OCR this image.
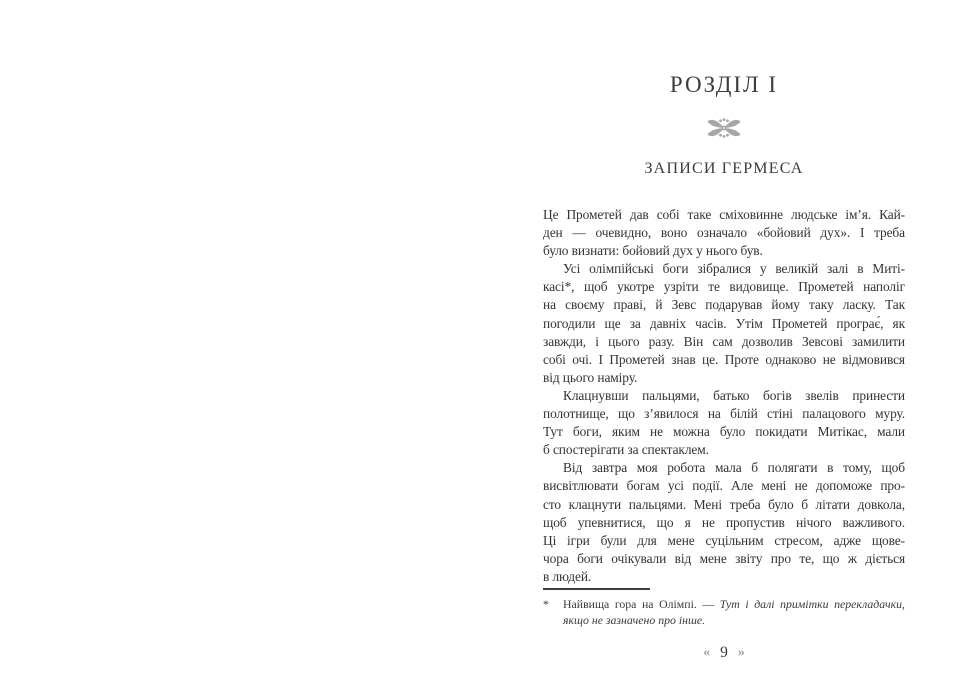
РОЗДІЛ I
ЗАПИСИ ГЕРМЕСА
Це Прометей дав собі таке сміховинне людське ім’я. Кай-
ден — очевидно, воно означало «бойовий дух». І треба
було визнати: бойовий дух у нього був.
Усі олімпійські боги зібралися у великій залі в Миті-
касі*, щоб укотре узріти те видовище. Прометей наполіг
на своєму праві, й Зевс подарував йому таку ласку. Так
погодили ще за давніх часів. Утім Прометей програє́, як
завжди, і цього разу. Він сам дозволив Зевсові замилити
собі очі. І Прометей знав це. Проте однаково не відмовився
від цього наміру.
Клацнувши пальцями, батько богів звелів принести
полотнище, що з’явилося на білій стіні палацового муру.
Тут боги, яким не можна було покидати Митікас, мали
б спостерігати за спектаклем.
Від завтра моя робота мала б полягати в тому, щоб
висвітлювати богам усі події. Але мені не допоможе про-
сто клацнути пальцями. Мені треба було б літати довкола,
щоб упевнитися, що я не пропустив нічого важливого.
Ці ігри були для мене суцільним стресом, адже щове-
чора боги очікували від мене звіту про те, що ж діється
в людей.
* Найвища гора на Олімпі. — Тут і далі примітки перекладачки,
якщо не зазначено про інше.
« 9 »
